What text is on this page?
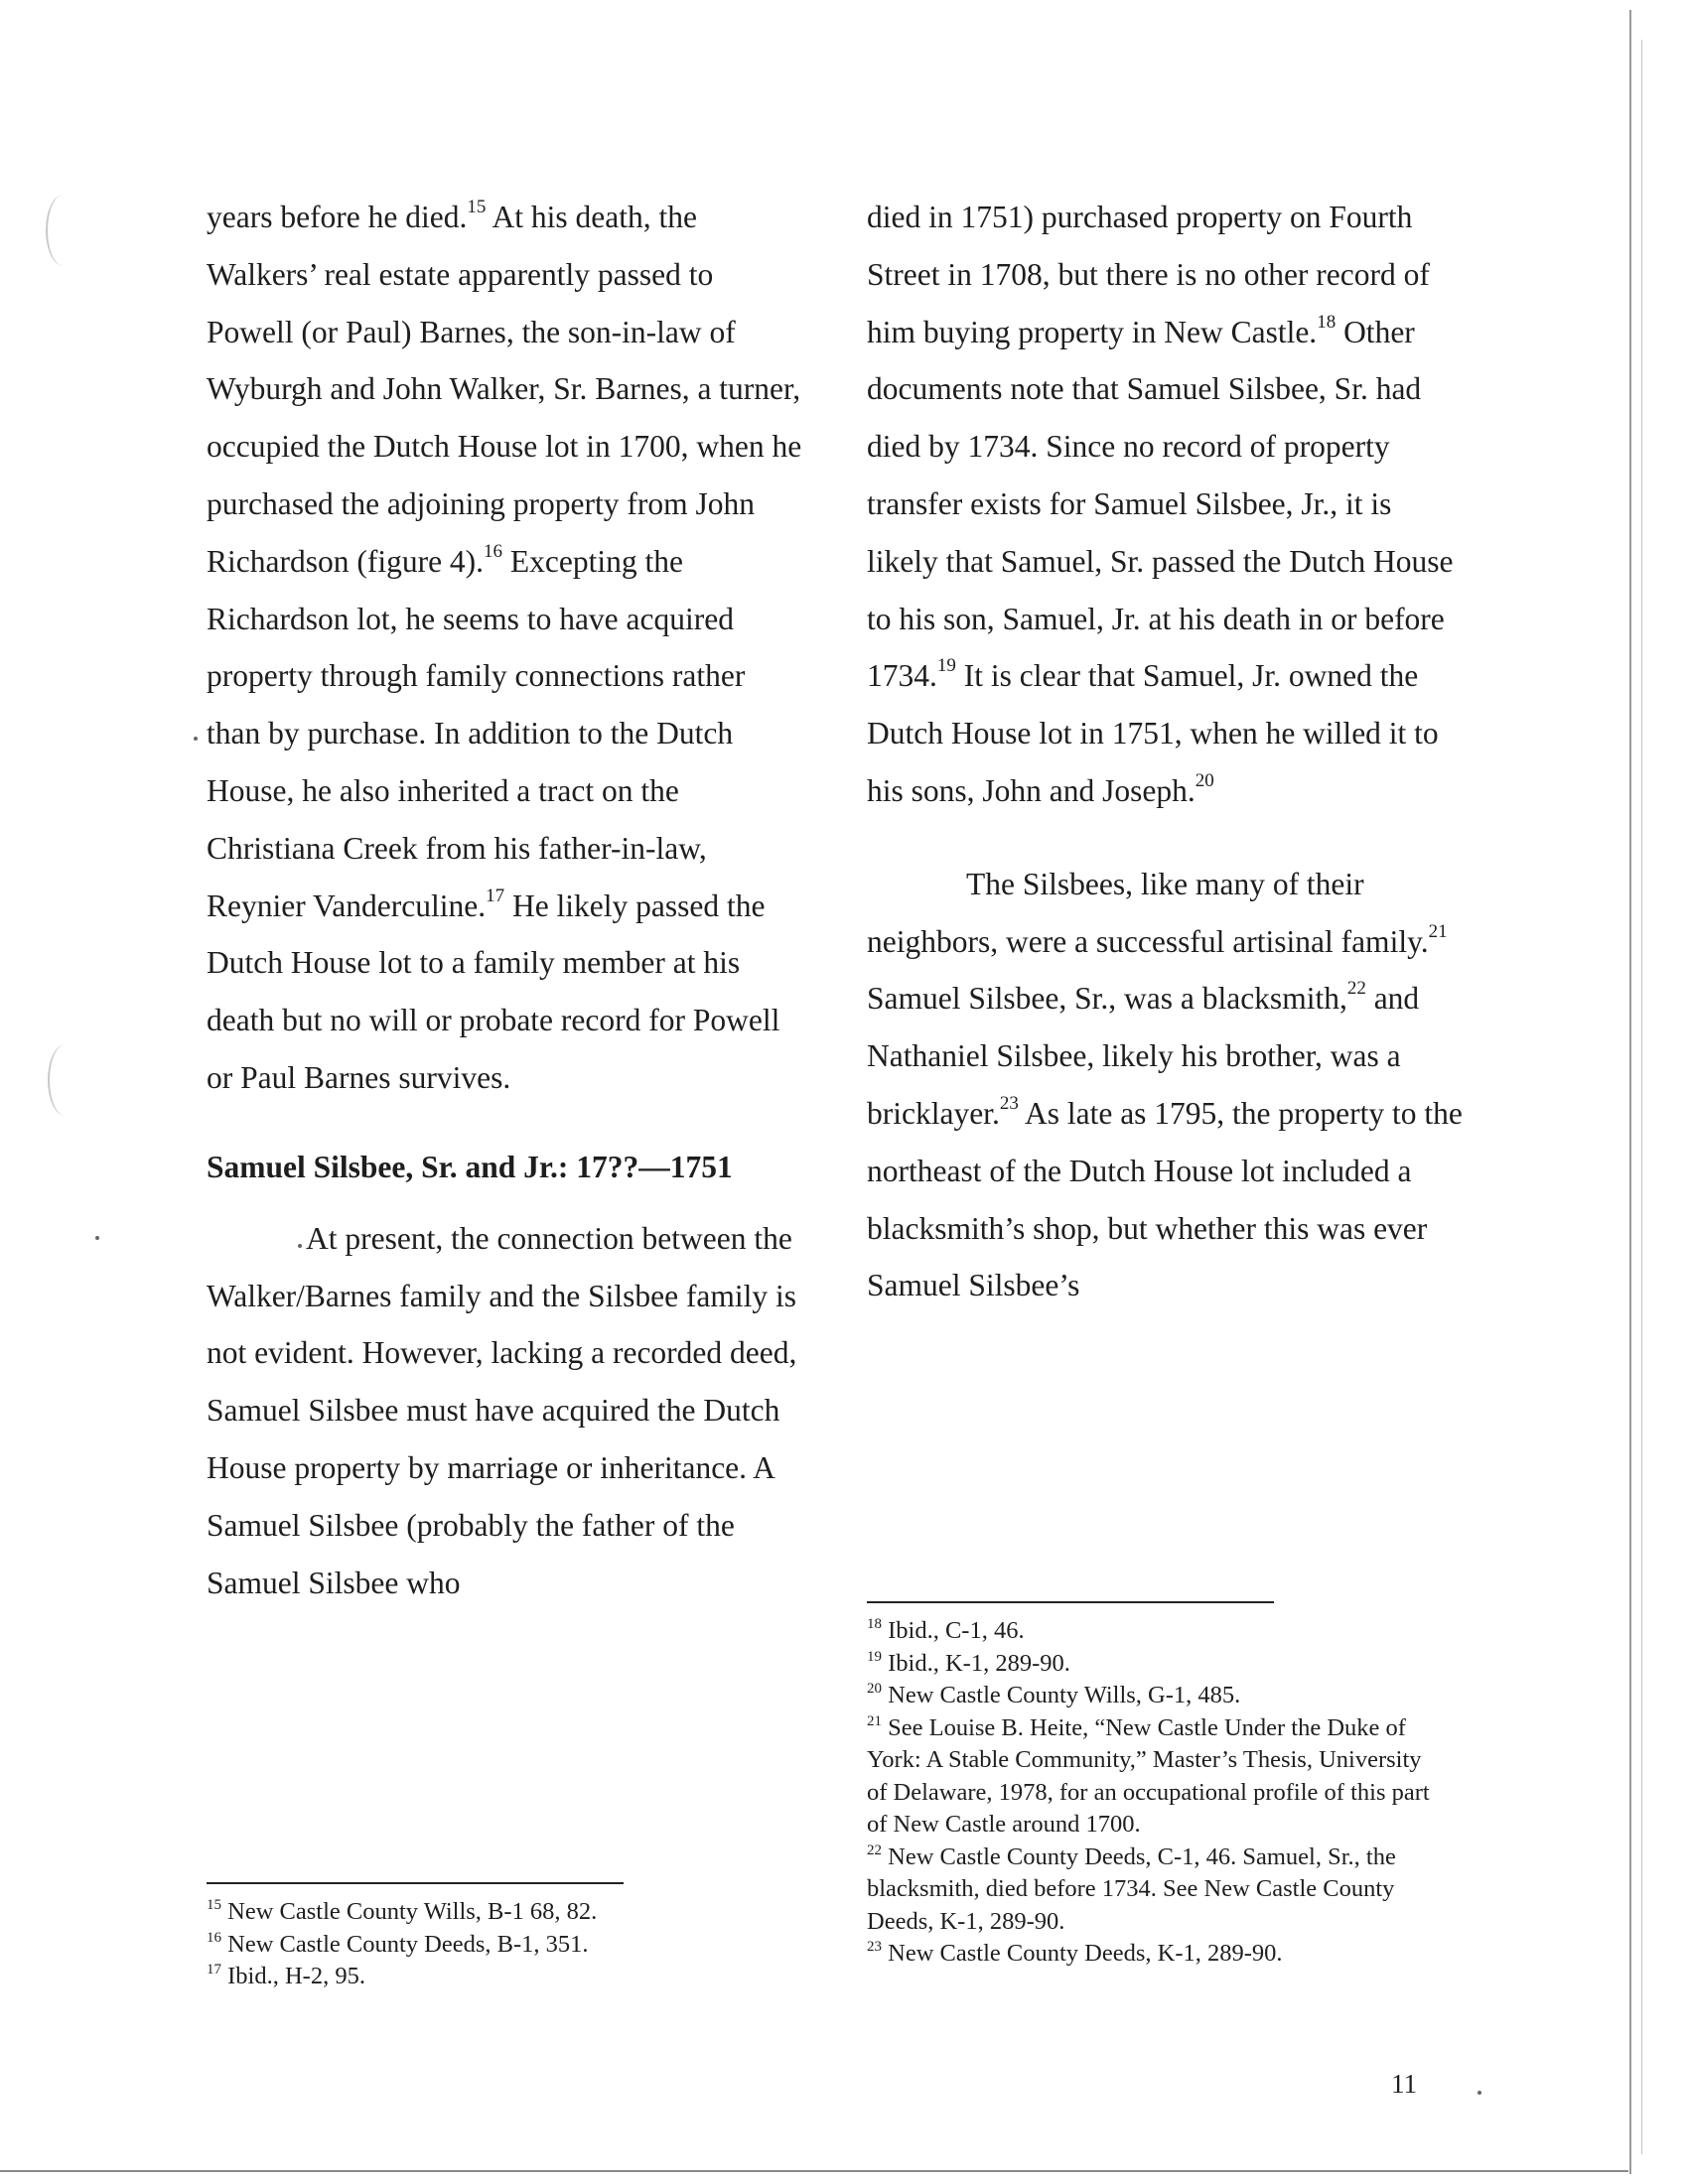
years before he died.$^{15}$ At his death, the Walkers’ real estate apparently passed to Powell (or Paul) Barnes, the son-in-law of Wyburgh and John Walker, Sr. Barnes, a turner, occupied the Dutch House lot in 1700, when he purchased the adjoining property from John Richardson (figure 4).$^{16}$ Excepting the Richardson lot, he seems to have acquired property through family connections rather than by purchase. In addition to the Dutch House, he also inherited a tract on the Christiana Creek from his father-in-law, Reynier Vanderculine.$^{17}$ He likely passed the Dutch House lot to a family member at his death but no will or probate record for Powell or Paul Barnes survives.

Samuel Silsbee, Sr. and Jr.: 17??—1751

At present, the connection between the Walker/Barnes family and the Silsbee family is not evident. However, lacking a recorded deed, Samuel Silsbee must have acquired the Dutch House property by marriage or inheritance. A Samuel Silsbee (probably the father of the Samuel Silsbee who

died in 1751) purchased property on Fourth Street in 1708, but there is no other record of him buying property in New Castle.$^{18}$ Other documents note that Samuel Silsbee, Sr. had died by 1734. Since no record of property transfer exists for Samuel Silsbee, Jr., it is likely that Samuel, Sr. passed the Dutch House to his son, Samuel, Jr. at his death in or before 1734.19 It is clear that Samuel, Jr. owned the Dutch House lot in 1751, when he willed it to his sons, John and Joseph.$^{20}$

The Silsbees, like many of their neighbors, were a successful artisinal family.$^{21}$ Samuel Silsbee, Sr., was a blacksmith,$^{22}$ and Nathaniel Silsbee, likely his brother, was a bricklayer.$^{23}$ As late as 1795, the property to the northeast of the Dutch House lot included a blacksmith’s shop, but whether this was ever Samuel Silsbee’s

$^{15}$ New Castle County Wills, B-1 68, 82.

$^{16}$ New Castle County Deeds, B-1, 351.

$^{17}$ Ibid., H-2, 95.

$^{18}$ Ibid., C-1, 46.

$^{19}$ Ibid., K-1, 289-90.

$^{20}$ New Castle County Wills, G-1, 485.

$^{21}$ See Louise B. Heite, “New Castle Under the Duke of York: A Stable Community,” Master’s Thesis, University of Delaware, 1978, for an occupational profile of this part of New Castle around 1700.

$^{22}$ New Castle County Deeds, C-1, 46. Samuel, Sr., the blacksmith, died before 1734. See New Castle County Deeds, K-1, 289-90.

$^{23}$ New Castle County Deeds, K-1, 289-90.

11
